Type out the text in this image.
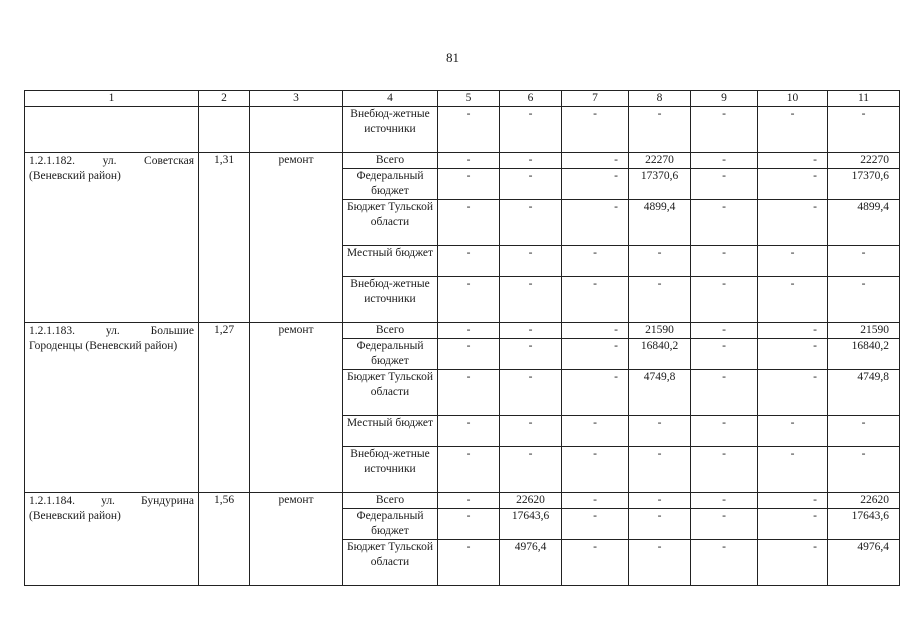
81
1	2	3	4	5	6	7	8	9	10	11
			Внебюд-жетные источники	-	-	-	-	-	-	-
1.2.1.182. ул. Советская (Веневский район)	1,31	ремонт	Всего	-	-	-	22270	-	-	22270
			Федеральный бюджет	-	-	-	17370,6	-	-	17370,6
			Бюджет Тульской области	-	-	-	4899,4	-	-	4899,4
			Местный бюджет	-	-	-	-	-	-	-
			Внебюд-жетные источники	-	-	-	-	-	-	-
1.2.1.183. ул. Большие Городенцы (Веневский район)	1,27	ремонт	Всего	-	-	-	21590	-	-	21590
			Федеральный бюджет	-	-	-	16840,2	-	-	16840,2
			Бюджет Тульской области	-	-	-	4749,8	-	-	4749,8
			Местный бюджет	-	-	-	-	-	-	-
			Внебюд-жетные источники	-	-	-	-	-	-	-
1.2.1.184. ул. Бундурина (Веневский район)	1,56	ремонт	Всего	-	22620	-	-	-	-	22620
			Федеральный бюджет	-	17643,6	-	-	-	-	17643,6
			Бюджет Тульской области	-	4976,4	-	-	-	-	4976,4
